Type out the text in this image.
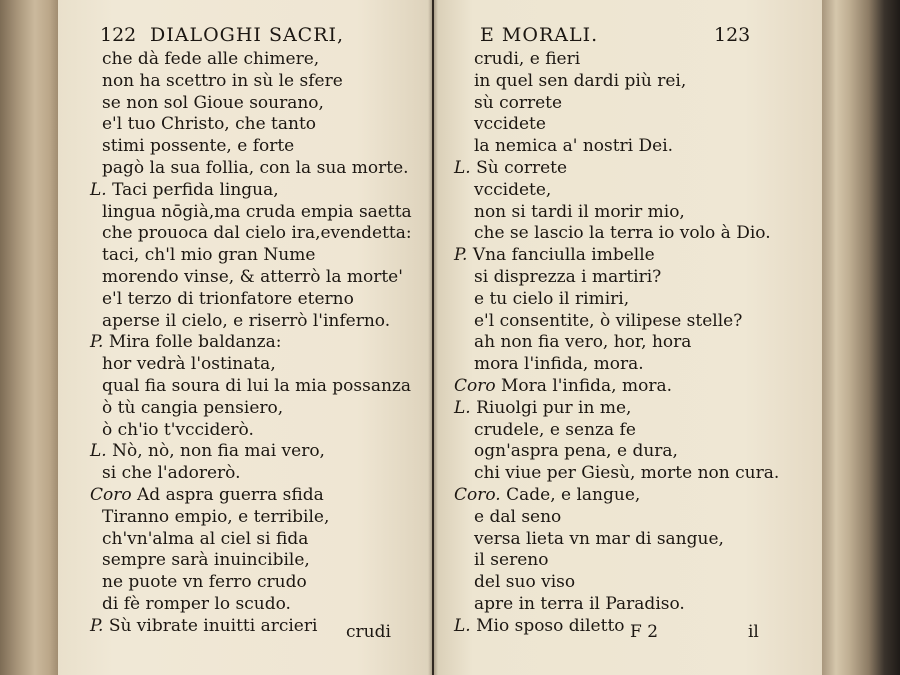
122 DIALOGHI SACRI,
che dà fede alle chimere,
non ha scettro in sù le sfere
se non sol Gioue sourano,
e'l tuo Christo, che tanto
stimi possente, e forte
pagò la sua follia, con la sua morte.
L. Taci perfida lingua,
lingua nōgià,ma cruda empia saetta
che prouoca dal cielo ira,evendetta:
taci, ch'l mio gran Nume
morendo vinse, & atterrò la morte'
e'l terzo di trionfatore eterno
aperse il cielo, e riserrò l'inferno.
P. Mira folle baldanza:
hor vedrà l'ostinata,
qual fia soura di lui la mia possanza
ò tù cangia pensiero,
ò ch'io t'vcciderò.
L. Nò, nò, non fia mai vero,
si che l'adorerò.
Coro Ad aspra guerra sfida
Tiranno empio, e terribile,
ch'vn'alma al ciel si fida
sempre sarà inuincibile,
ne puote vn ferro crudo
di fè romper lo scudo.
P. Sù vibrate inuitti arcieri crudi
E MORALI.	123
crudi, e fieri
in quel sen dardi più rei,
sù correte
vccidete
la nemica a' nostri Dei.
L. Sù correte
vccidete,
non si tardi il morir mio,
che se lascio la terra io volo à Dio.
P. Vna fanciulla imbelle
si disprezza i martiri?
e tu cielo il rimiri,
e'l consentite, ò vilipese stelle?
ah non fia vero, hor, hora
mora l'infida, mora.
Coro Mora l'infida, mora.
L. Riuolgi pur in me,
crudele, e senza fe
ogn'aspra pena, e dura,
chi viue per Giesù, morte non cura.
Coro. Cade, e langue,
e dal seno
versa lieta vn mar di sangue,
il sereno
del suo viso
apre in terra il Paradiso.
L. Mio sposo diletto F 2	il
